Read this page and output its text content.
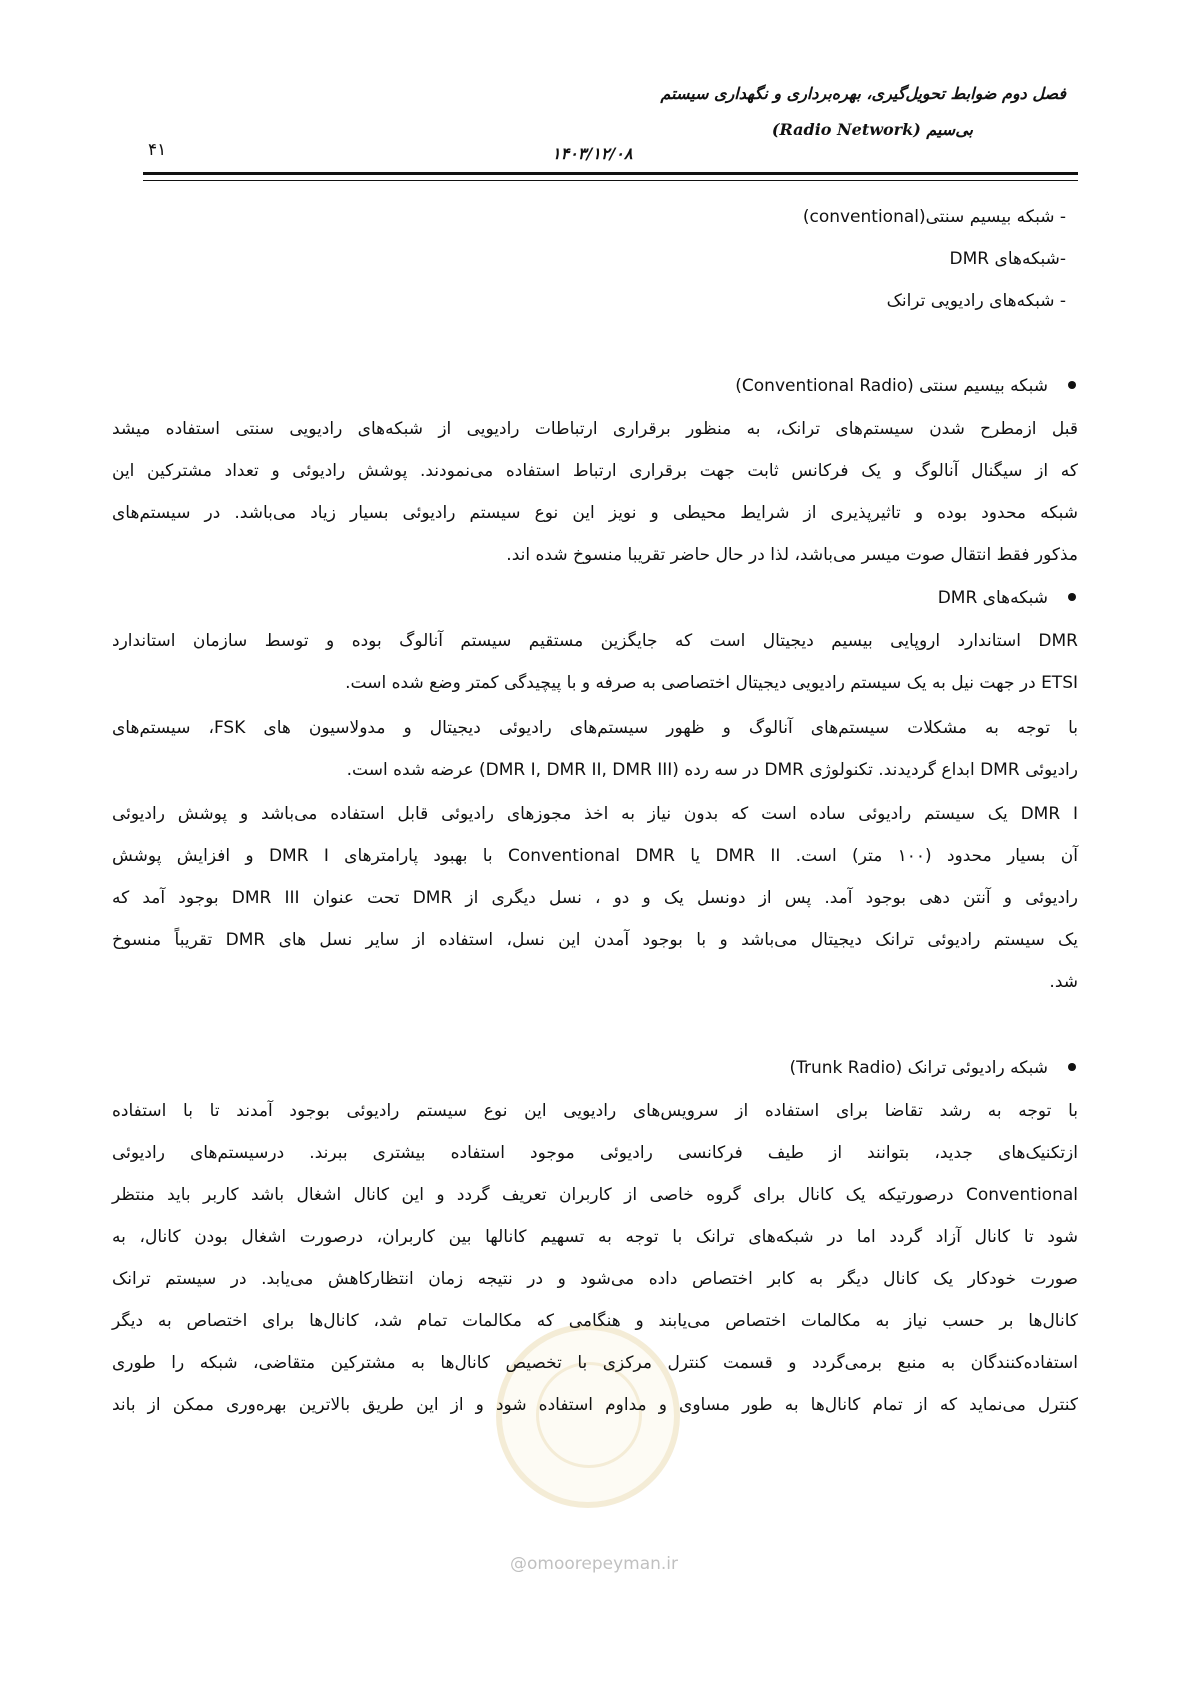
فصل دوم ضوابط تحویل‌گیری، بهره‌برداری و نگهداری سیستم
بی‌سیم (Radio Network)
۱۴۰۳/۱۲/۰۸
۴۱
- شبکه بیسیم سنتی(conventional)
-شبکه‌های DMR
- شبکه‌های رادیویی ترانک
شبکه بیسیم سنتی (Conventional Radio)
قبل ازمطرح شدن سیستم‌های ترانک، به منظور برقراری ارتباطات رادیویی از شبکه‌های رادیویی سنتی استفاده میشد
که از سیگنال آنالوگ و یک فرکانس ثابت جهت برقراری ارتباط استفاده می‌نمودند. پوشش رادیوئی و تعداد مشترکین این
شبکه محدود بوده و تاثیرپذیری از شرایط محیطی و نویز این نوع سیستم رادیوئی بسیار زیاد می‌باشد. در سیستم‌های
مذکور فقط انتقال صوت میسر می‌باشد، لذا در حال حاضر تقریبا منسوخ شده اند.
شبکه‌های DMR
DMR استاندارد اروپایی بیسیم دیجیتال است که جایگزین مستقیم سیستم آنالوگ بوده و توسط سازمان استاندارد
ETSI در جهت نیل به یک سیستم رادیویی دیجیتال اختصاصی به صرفه و با پیچیدگی کمتر وضع شده است.
با توجه به مشکلات سیستم‌های آنالوگ و ظهور سیستم‌های رادیوئی دیجیتال و مدولاسیون های FSK، سیستم‌های
رادیوئی DMR ابداع گردیدند. تکنولوژی DMR در سه رده (DMR I, DMR II, DMR III) عرضه شده است.
DMR I یک سیستم رادیوئی ساده است که بدون نیاز به اخذ مجوزهای رادیوئی قابل استفاده می‌باشد و پوشش رادیوئی
آن بسیار محدود (۱۰۰ متر) است. DMR II یا Conventional DMR با بهبود پارامترهای DMR I و افزایش پوشش
رادیوئی و آنتن دهی بوجود آمد. پس از دونسل یک و دو ، نسل دیگری از DMR تحت عنوان DMR III بوجود آمد که
یک سیستم رادیوئی ترانک دیجیتال می‌باشد و با بوجود آمدن این نسل، استفاده از سایر نسل های DMR تقریباً منسوخ
شد.
شبکه رادیوئی ترانک (Trunk Radio)
با توجه به رشد تقاضا برای استفاده از سرویس‌های رادیویی این نوع سیستم رادیوئی بوجود آمدند تا با استفاده
ازتکنیک‌های جدید، بتوانند از طیف فرکانسی رادیوئی موجود استفاده بیشتری ببرند. درسیستم‌های رادیوئی
Conventional درصورتیکه یک کانال برای گروه خاصی از کاربران تعریف گردد و این کانال اشغال باشد کاربر باید منتظر
شود تا کانال آزاد گردد اما در شبکه‌های ترانک با توجه به تسهیم کانالها بین کاربران، درصورت اشغال بودن کانال، به
صورت خودکار یک کانال دیگر به کابر اختصاص داده می‌شود و در نتیجه زمان انتظارکاهش می‌یابد. در سیستم ترانک
کانال‌ها بر حسب نیاز به مکالمات اختصاص می‌یابند و هنگامی که مکالمات تمام شد، کانال‌ها برای اختصاص به دیگر
استفاده‌کنندگان به منبع برمی‌گردد و قسمت کنترل مرکزی با تخصیص کانال‌ها به مشترکین متقاضی، شبکه را طوری
کنترل می‌نماید که از تمام کانال‌ها به طور مساوی و مداوم استفاده شود و از این طریق بالاترین بهره‌وری ممکن از باند
@omoorepeyman.ir
